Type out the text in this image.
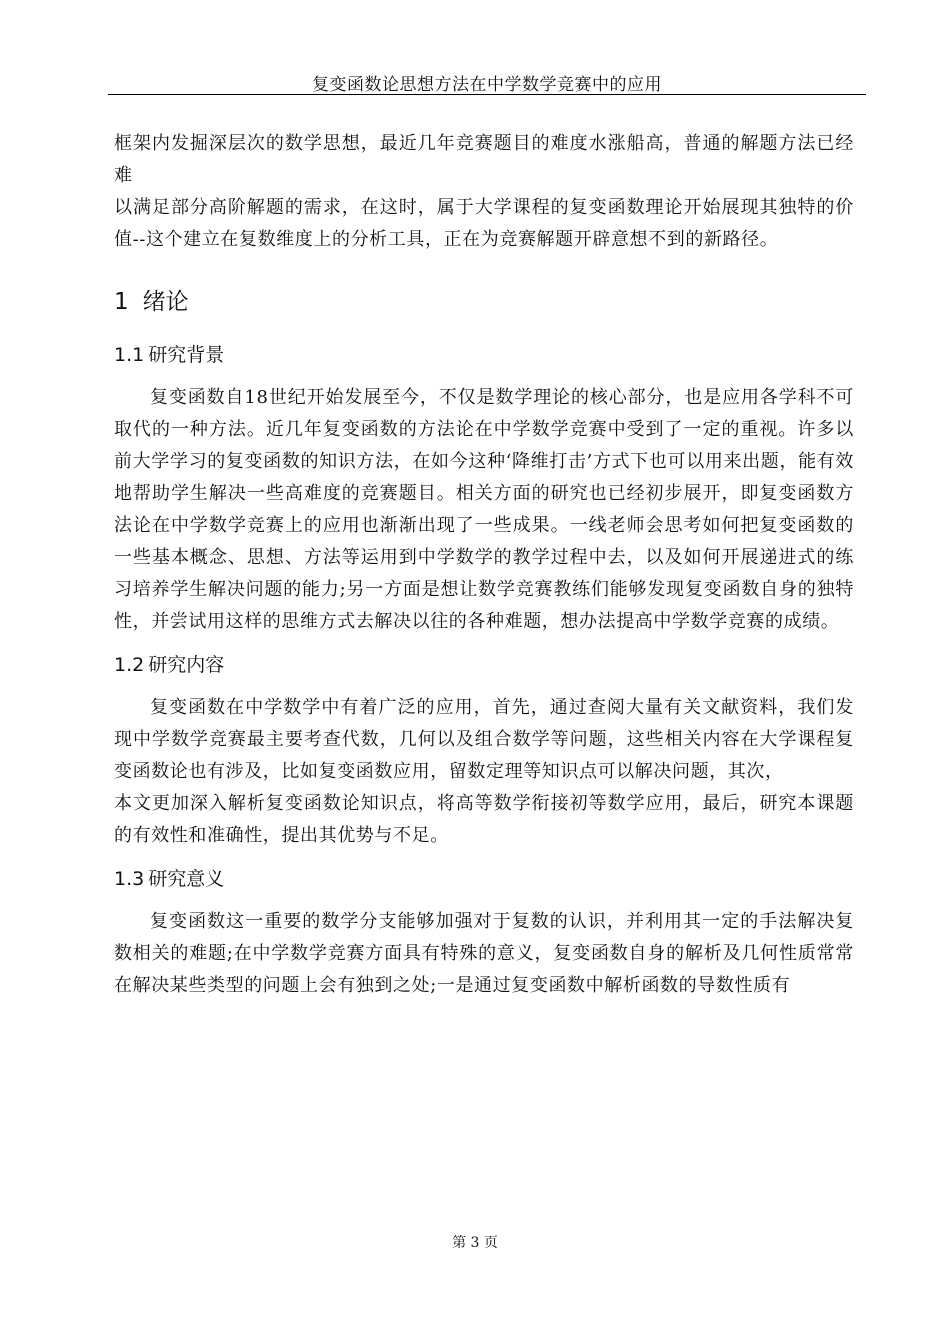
复变函数论思想方法在中学数学竞赛中的应用

框架内发掘深层次的数学思想，最近几年竞赛题目的难度水涨船高，普通的解题方法已经难

以满足部分高阶解题的需求，在这时，属于大学课程的复变函数理论开始展现其独特的价值--这个建立在复数维度上的分析工具，正在为竞赛解题开辟意想不到的新路径。

1 绪论
1.1 研究背景

复变函数自18世纪开始发展至今，不仅是数学理论的核心部分，也是应用各学科不可取代的一种方法。近几年复变函数的方法论在中学数学竞赛中受到了一定的重视。许多以前大学学习的复变函数的知识方法，在如今这种‘降维打击’方式下也可以用来出题，能有效地帮助学生解决一些高难度的竞赛题目。相关方面的研究也已经初步展开，即复变函数方法论在中学数学竞赛上的应用也渐渐出现了一些成果。一线老师会思考如何把复变函数的一些基本概念、思想、方法等运用到中学数学的教学过程中去，以及如何开展递进式的练习培养学生解决问题的能力;另一方面是想让数学竞赛教练们能够发现复变函数自身的独特性，并尝试用这样的思维方式去解决以往的各种难题，想办法提高中学数学竞赛的成绩。

1.2 研究内容

复变函数在中学数学中有着广泛的应用，首先，通过查阅大量有关文献资料，我们发现中学数学竞赛最主要考查代数，几何以及组合数学等问题，这些相关内容在大学课程复变函数论也有涉及，比如复变函数应用，留数定理等知识点可以解决问题，其次，

本文更加深入解析复变函数论知识点，将高等数学衔接初等数学应用，最后，研究本课题的有效性和准确性，提出其优势与不足。

1.3 研究意义

复变函数这一重要的数学分支能够加强对于复数的认识，并利用其一定的手法解决复数相关的难题;在中学数学竞赛方面具有特殊的意义，复变函数自身的解析及几何性质常常在解决某些类型的问题上会有独到之处;一是通过复变函数中解析函数的导数性质有

第 3 页
